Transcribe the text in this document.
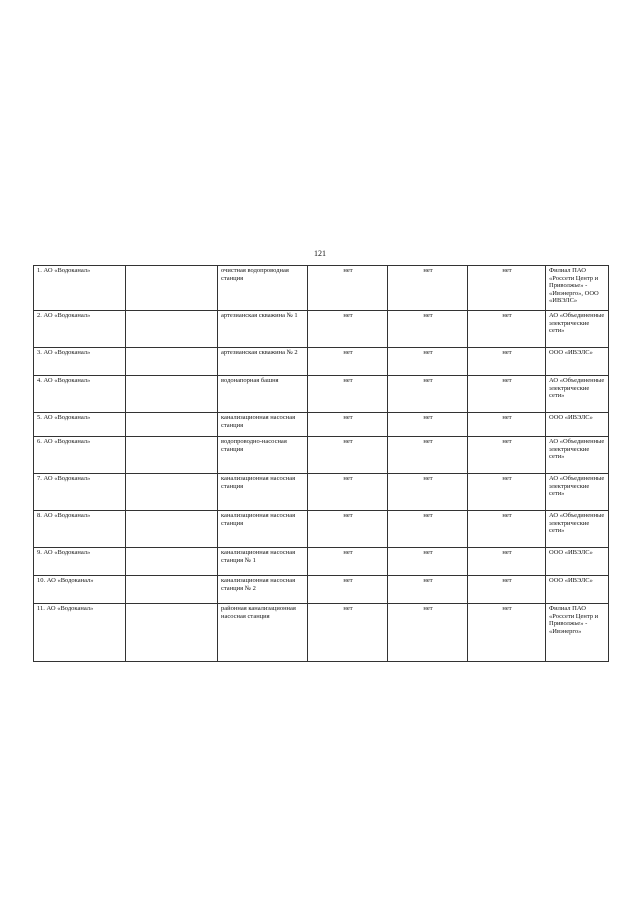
121
1. АО «Водоканал»		очистная водопроводная станция	нет	нет	нет	Филиал ПАО «Россети Центр и Приволжье» - «Ивэнерго», ООО «ИВЭЛС»
2. АО «Водоканал»		артезианская скважина № 1	нет	нет	нет	АО «Объединенные электрические сети»
3. АО «Водоканал»		артезианская скважина № 2	нет	нет	нет	ООО «ИВЭЛС»
4. АО «Водоканал»		водонапорная башня	нет	нет	нет	АО «Объединенные электрические сети»
5. АО «Водоканал»		канализационная насосная станция	нет	нет	нет	ООО «ИВЭЛС»
6. АО «Водоканал»		водопроводно-насосная станция	нет	нет	нет	АО «Объединенные электрические сети»
7. АО «Водоканал»		канализационная насосная станция	нет	нет	нет	АО «Объединенные электрические сети»
8. АО «Водоканал»		канализационная насосная станция	нет	нет	нет	АО «Объединенные электрические сети»
9. АО «Водоканал»		канализационная насосная станция № 1	нет	нет	нет	ООО «ИВЭЛС»
10. АО «Водоканал»		канализационная насосная станция № 2	нет	нет	нет	ООО «ИВЭЛС»
11. АО «Водоканал»		районная канализационная насосная станция	нет	нет	нет	Филиал ПАО «Россети Центр и Приволжье» - «Ивэнерго»
